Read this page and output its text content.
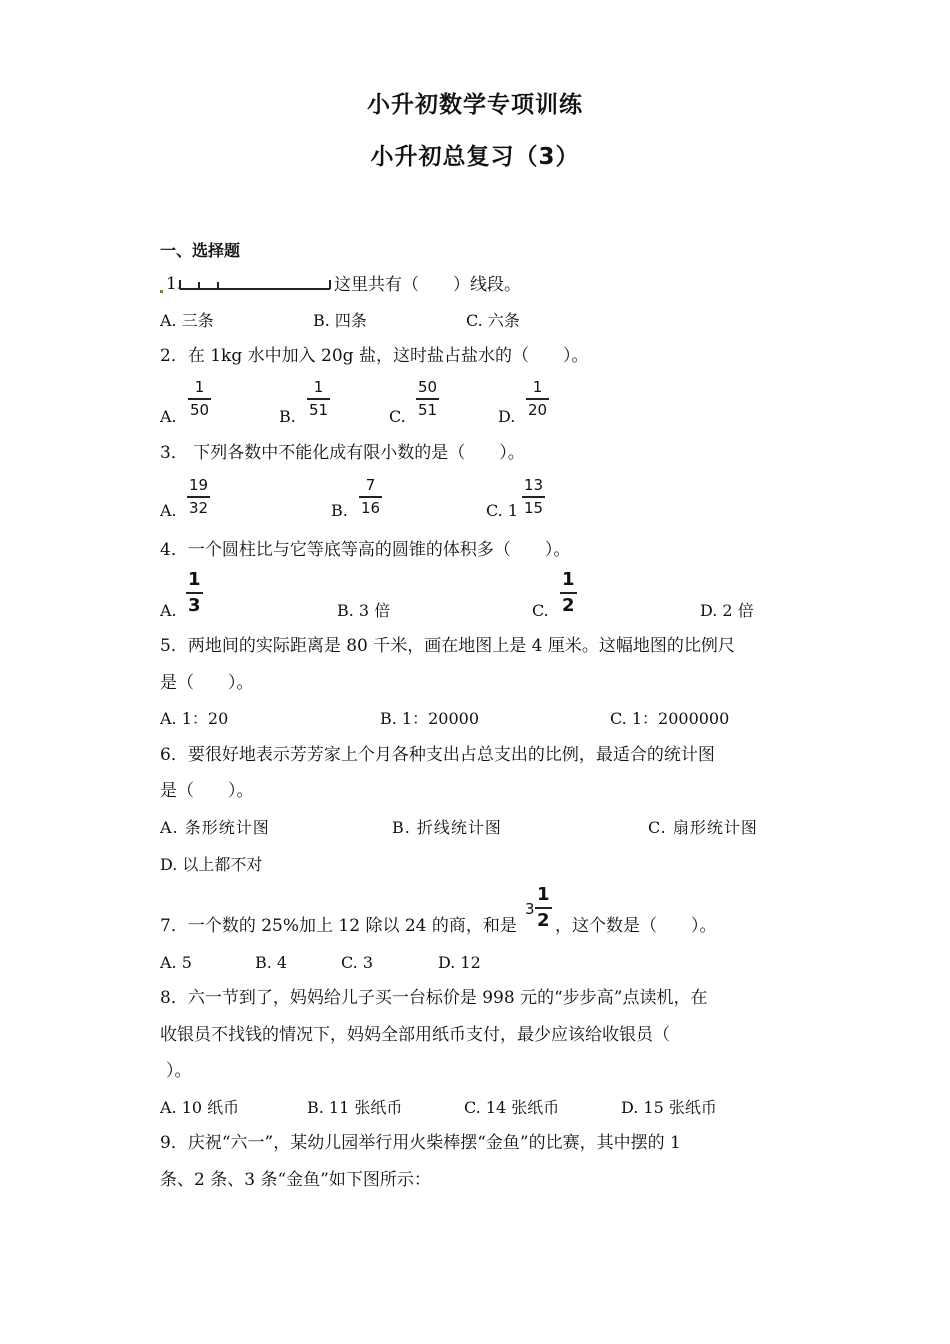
小升初数学专项训练
小升初总复习（3）
一、选择题
1．	这里共有（　　）线段。
A. 三条	B. 四条	C. 六条
2．在 1kg 水中加入 20g 盐，这时盐占盐水的（　　）。
A.
1
50	B.
1
51	C.
50
51	D.
1
20
3． 下列各数中不能化成有限小数的是（　　）。
A.
19
32	B.
7
16	C. 1
13
15
4．一个圆柱比与它等底等高的圆锥的体积多（　　）。
A.
1
3	B. 3 倍	C.
1
2	D. 2 倍
5．两地间的实际距离是 80 千米，画在地图上是 4 厘米。这幅地图的比例尺
是（　　）。
A. 1：20	B. 1：20000	C. 1：2000000
6．要很好地表示芳芳家上个月各种支出占总支出的比例，最适合的统计图
是（　　）。
A. 条形统计图	B. 折线统计图	C. 扇形统计图
D. 以上都不对
7．一个数的 25%加上 12 除以 24 的商，和是
3
1
2 ，这个数是（　　）。
A. 5	B. 4	C. 3	D. 12
8．六一节到了，妈妈给儿子买一台标价是 998 元的“步步高”点读机，在
收银员不找钱的情况下，妈妈全部用纸币支付，最少应该给收银员（
）。
A. 10 纸币	B. 11 张纸币	C. 14 张纸币	D. 15 张纸币
9．庆祝“六一”，某幼儿园举行用火柴棒摆“金鱼”的比赛，其中摆的 1
条、2 条、3 条“金鱼”如下图所示：
